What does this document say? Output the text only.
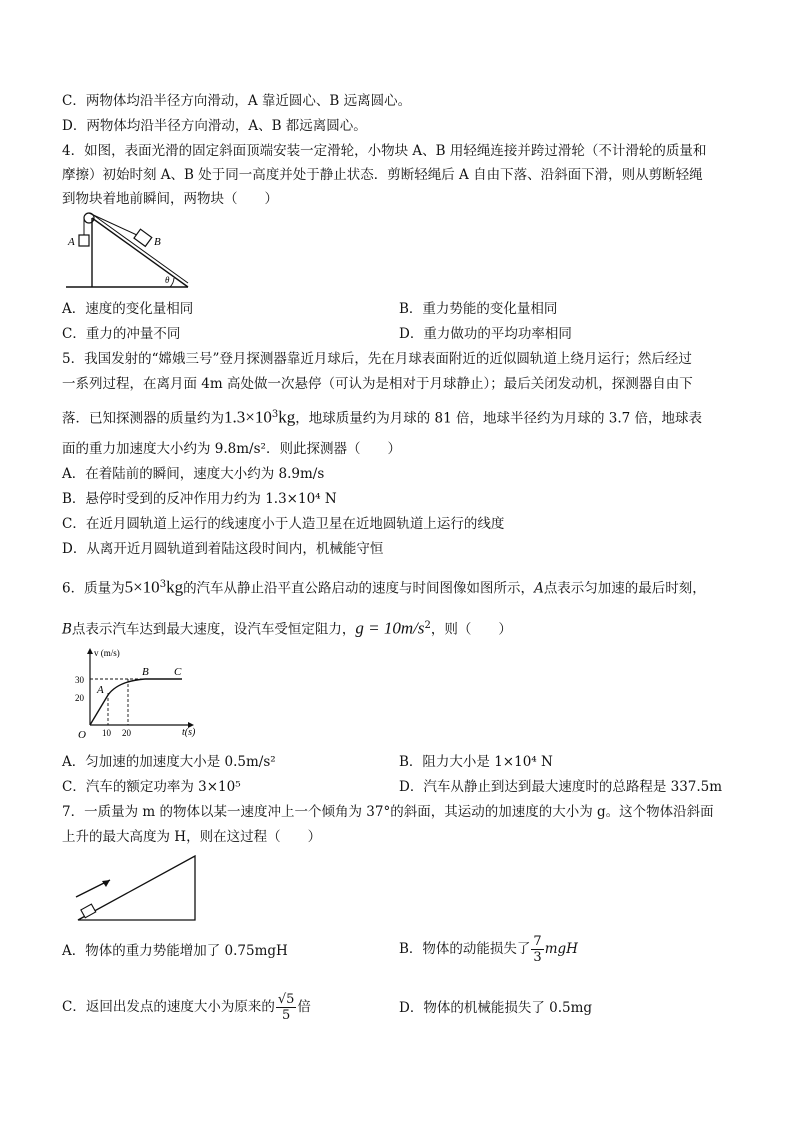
C．两物体均沿半径方向滑动，A 靠近圆心、B 远离圆心。
D．两物体均沿半径方向滑动，A、B 都远离圆心。
4．如图，表面光滑的固定斜面顶端安装一定滑轮，小物块 A、B 用轻绳连接并跨过滑轮（不计滑轮的质量和
摩擦）初始时刻 A、B 处于同一高度并处于静止状态．剪断轻绳后 A 自由下落、沿斜面下滑，则从剪断轻绳
到物块着地前瞬间，两物块（　　）
A	B
θ
A．速度的变化量相同	B．重力势能的变化量相同
C．重力的冲量不同	D．重力做功的平均功率相同
5．我国发射的“嫦娥三号”登月探测器靠近月球后，先在月球表面附近的近似圆轨道上绕月运行；然后经过
一系列过程，在离月面 4m 高处做一次悬停（可认为是相对于月球静止）；最后关闭发动机，探测器自由下
落．已知探测器的质量约为$1.3\times 10^3kg$，地球质量约为月球的 81 倍，地球半径约为月球的 3.7 倍，地球表
面的重力加速度大小约为 9.8m/s²．则此探测器（　　）
A．在着陆前的瞬间，速度大小约为 8.9m/s
B．悬停时受到的反冲作用力约为 1.3×10⁴ N
C．在近月圆轨道上运行的线速度小于人造卫星在近地圆轨道上运行的线度
D．从离开近月圆轨道到着陆这段时间内，机械能守恒
6．质量为$5\times 10^3kg$的汽车从静止沿平直公路启动的速度与时间图像如图所示，A点表示匀加速的最后时刻，
B点表示汽车达到最大速度，设汽车受恒定阻力，$g = 10m/s^2$，则（　　）
v (m/s)
t(s)
O
30
20
10 20
A
B C
A．匀加速的加速度大小是 0.5m/s²	B．阻力大小是 1×10⁴ N
C．汽车的额定功率为 3×10⁵	D．汽车从静止到达到最大速度时的总路程是 337.5m
7．一质量为 m 的物体以某一速度冲上一个倾角为 37°的斜面，其运动的加速度的大小为 g。这个物体沿斜面
上升的最大高度为 H，则在这过程（　　）
A．物体的重力势能增加了 0.75mgH	B．物体的动能损失了 $\frac{7}{3}$ mgH
C．返回出发点的速度大小为原来的 $\frac{√5}{5}$ 倍	D．物体的机械能损失了 0.5mg
